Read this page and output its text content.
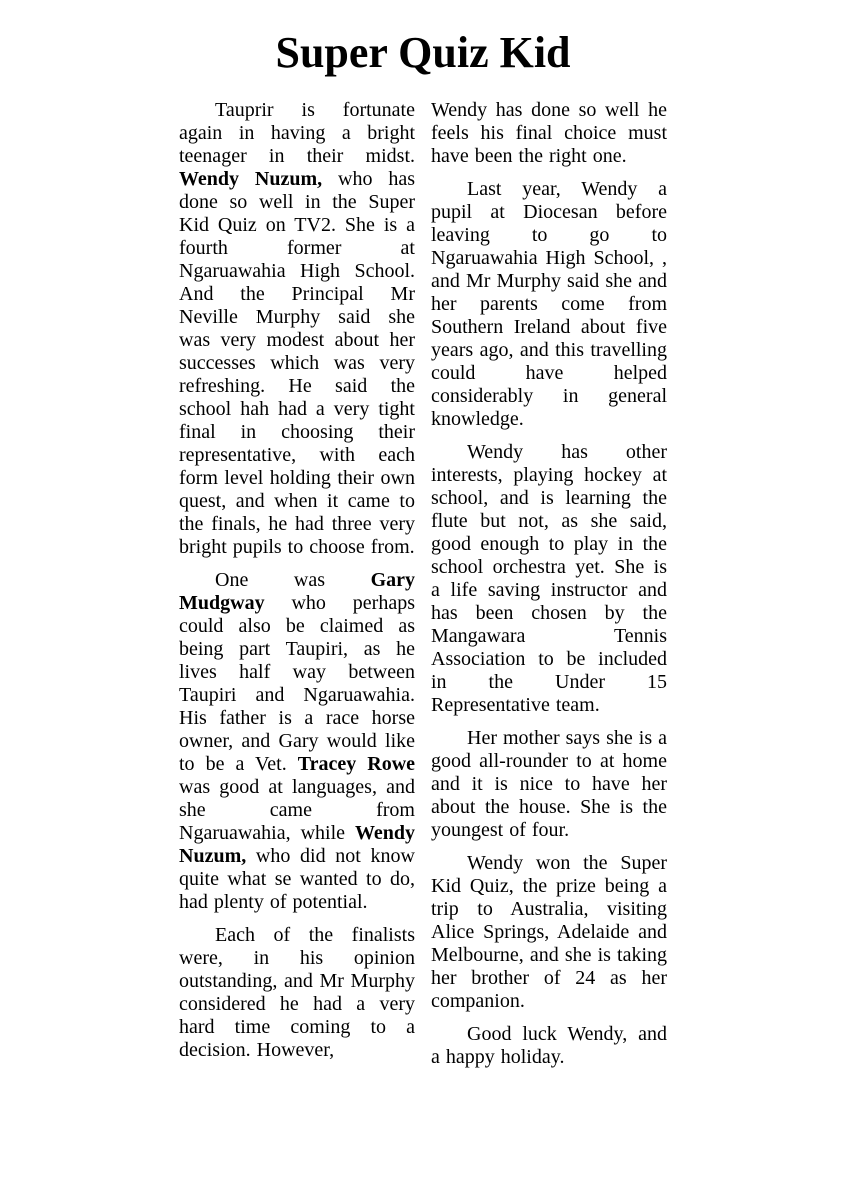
Super Quiz Kid

Tauprir is fortunate again in having a bright teenager in their midst. Wendy Nuzum, who has done so well in the Super Kid Quiz on TV2. She is a fourth former at Ngaruawahia High School. And the Principal Mr Neville Murphy said she was very modest about her successes which was very refreshing. He said the school hah had a very tight final in choosing their representative, with each form level holding their own quest, and when it came to the finals, he had three very bright pupils to choose from.

One was Gary Mudgway who perhaps could also be claimed as being part Taupiri, as he lives half way between Taupiri and Ngaruawahia. His father is a race horse owner, and Gary would like to be a Vet. Tracey Rowe was good at languages, and she came from Ngaruawahia, while Wendy Nuzum, who did not know quite what se wanted to do, had plenty of potential.

Each of the finalists were, in his opinion outstanding, and Mr Murphy considered he had a very hard time coming to a decision. However,

Wendy has done so well he feels his final choice must have been the right one.

Last year, Wendy a pupil at Diocesan before leaving to go to Ngaruawahia High School, , and Mr Murphy said she and her parents come from Southern Ireland about five years ago, and this travelling could have helped considerably in general knowledge.

Wendy has other interests, playing hockey at school, and is learning the flute but not, as she said, good enough to play in the school orchestra yet. She is a life saving instructor and has been chosen by the Mangawara Tennis Association to be included in the Under 15 Representative team.

Her mother says she is a good all-rounder to at home and it is nice to have her about the house. She is the youngest of four.

Wendy won the Super Kid Quiz, the prize being a trip to Australia, visiting Alice Springs, Adelaide and Melbourne, and she is taking her brother of 24 as her companion.

Good luck Wendy, and a happy holiday.
